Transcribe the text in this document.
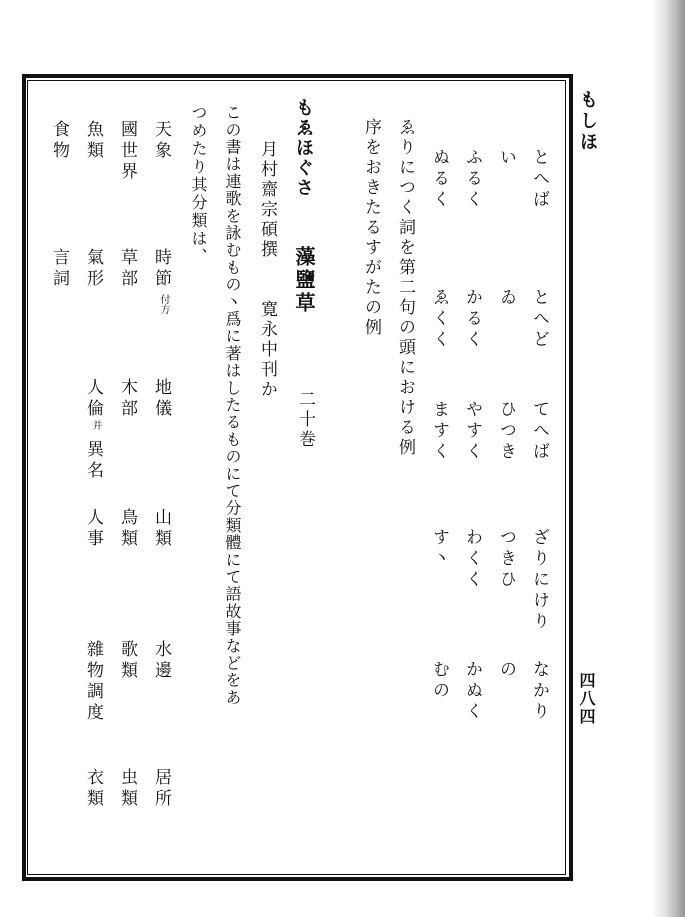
もしほ
四八四
とへば
とへど
てへば
ざりにけり
なかり
い
ゐ
ひつき
つきひ
の
ふるく
かるく
やすく
わくく
かぬく
ぬるく
ゑくく
ますく
す丶
むの
ゑりにつく詞を第二句の頭における例
序をおきたるすがたの例
もゑほぐさ
藻鹽草
二十巻
月村齋宗碩撰
寛永中刊か
この書は連歌を詠むもの丶爲に著はしたるものにて分類體にて語故事などをあ
つめたり其分類は、
天象
時節
付方
地儀
山類
水邊
居所
國世界
草部
木部
鳥類
歌類
虫類
魚類
氣形
人倫
并
異名
人事
雜物調度
衣類
食物
言詞
